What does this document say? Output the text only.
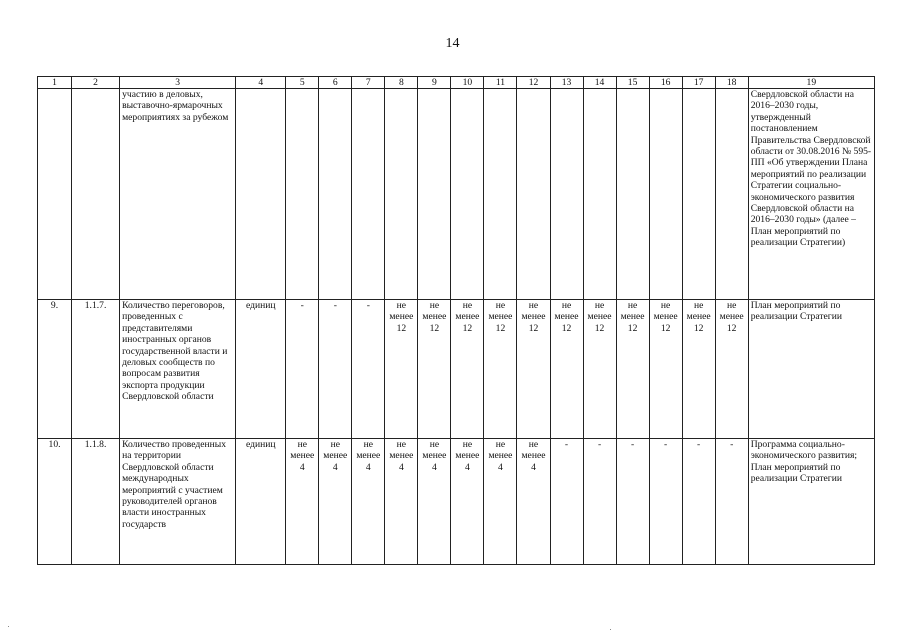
14
1	2	3	4	5	6	7	8	9	10	11	12	13	14	15	16	17	18	19
		участию в деловых, выставочно-ярмарочных мероприятиях за рубежом																Свердловской области на 2016–2030 годы, утвержденный постановлением Правительства Свердловской области от 30.08.2016 № 595-ПП «Об утверждении Плана мероприятий по реализации Стратегии социально-экономического развития Свердловской области на 2016–2030 годы» (далее – План мероприятий по реализации Стратегии)
9.	1.1.7.	Количество переговоров, проведенных с представителями иностранных органов государственной власти и деловых сообществ по вопросам развития экспорта продукции Свердловской области	единиц	-	-	-	не менее 12	не менее 12	не менее 12	не менее 12	не менее 12	не менее 12	не менее 12	не менее 12	не менее 12	не менее 12	не менее 12	План мероприятий по реализации Стратегии
10.	1.1.8.	Количество проведенных на территории Свердловской области международных мероприятий с участием руководителей органов власти иностранных государств	единиц	не менее 4	не менее 4	не менее 4	не менее 4	не менее 4	не менее 4	не менее 4	не менее 4	-	-	-	-	-	-	Программа социально-экономического развития; План мероприятий по реализации Стратегии
